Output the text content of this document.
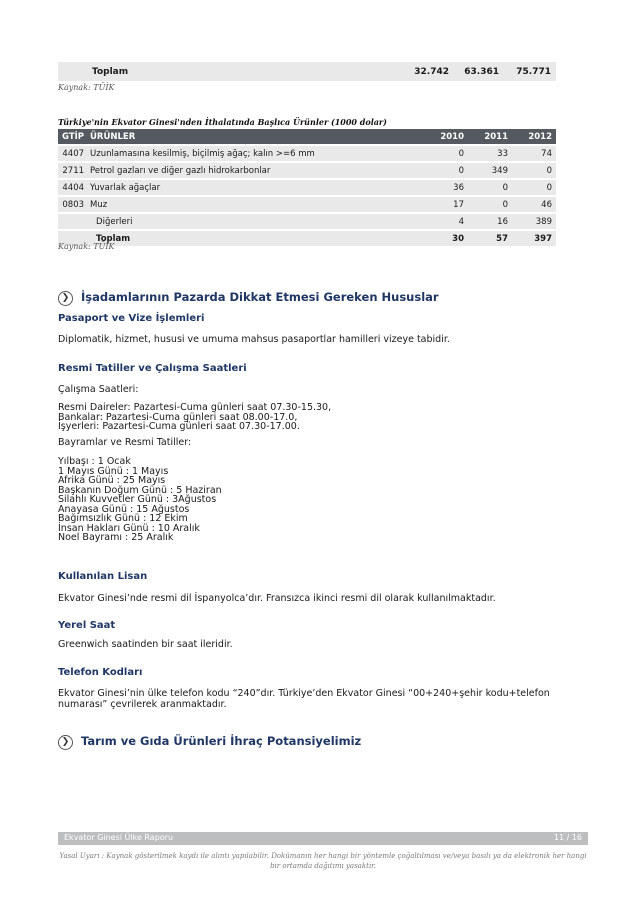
Toplam	32.742	63.361	75.771
Kaynak: TÜİK
Türkiye'nin Ekvator Ginesi'nden İthalatında Başlıca Ürünler (1000 dolar)
GTİP	ÜRÜNLER	2010	2011	2012
4407	Uzunlamasına kesilmiş, biçilmiş ağaç; kalın >=6 mm	0	33	74
2711	Petrol gazları ve diğer gazlı hidrokarbonlar	0	349	0
4404	Yuvarlak ağaçlar	36	0	0
0803	Muz	17	0	46
	Diğerleri	4	16	389
	Toplam	30	57	397
Kaynak: TÜİK
❯ İşadamlarının Pazarda Dikkat Etmesi Gereken Hususlar
Pasaport ve Vize İşlemleri
Diplomatik, hizmet, hususi ve umuma mahsus pasaportlar hamilleri vizeye tabidir.
Resmi Tatiller ve Çalışma Saatleri
Çalışma Saatleri:
Resmi Daireler: Pazartesi-Cuma günleri saat 07.30-15.30,
Bankalar: Pazartesi-Cuma günleri saat 08.00-17.0,
İşyerleri: Pazartesi-Cuma günleri saat 07.30-17.00.
Bayramlar ve Resmi Tatiller:
Yılbaşı : 1 Ocak
1 Mayıs Günü : 1 Mayıs
Afrika Günü : 25 Mayıs
Başkanın Doğum Günü : 5 Haziran
Silahlı Kuvvetler Günü : 3Ağustos
Anayasa Günü : 15 Ağustos
Bağımsızlık Günü : 12 Ekim
İnsan Hakları Günü : 10 Aralık
Noel Bayramı : 25 Aralık
Kullanılan Lisan
Ekvator Ginesi’nde resmi dil İspanyolca’dır. Fransızca ikinci resmi dil olarak kullanılmaktadır.
Yerel Saat
Greenwich saatinden bir saat ileridir.
Telefon Kodları
Ekvator Ginesi’nin ülke telefon kodu “240”dır. Türkiye’den Ekvator Ginesi “00+240+şehir kodu+telefon
numarası” çevrilerek aranmaktadır.
❯ Tarım ve Gıda Ürünleri İhraç Potansiyelimiz
Ekvator Ginesi Ülke Raporu	11 / 16
Yasal Uyarı : Kaynak gösterilmek kaydı ile alıntı yapılabilir. Dokümanın her hangi bir yöntemle çoğaltılması ve/veya basılı ya da elektronik her hangi bir ortamda dağıtımı yasaktır.
